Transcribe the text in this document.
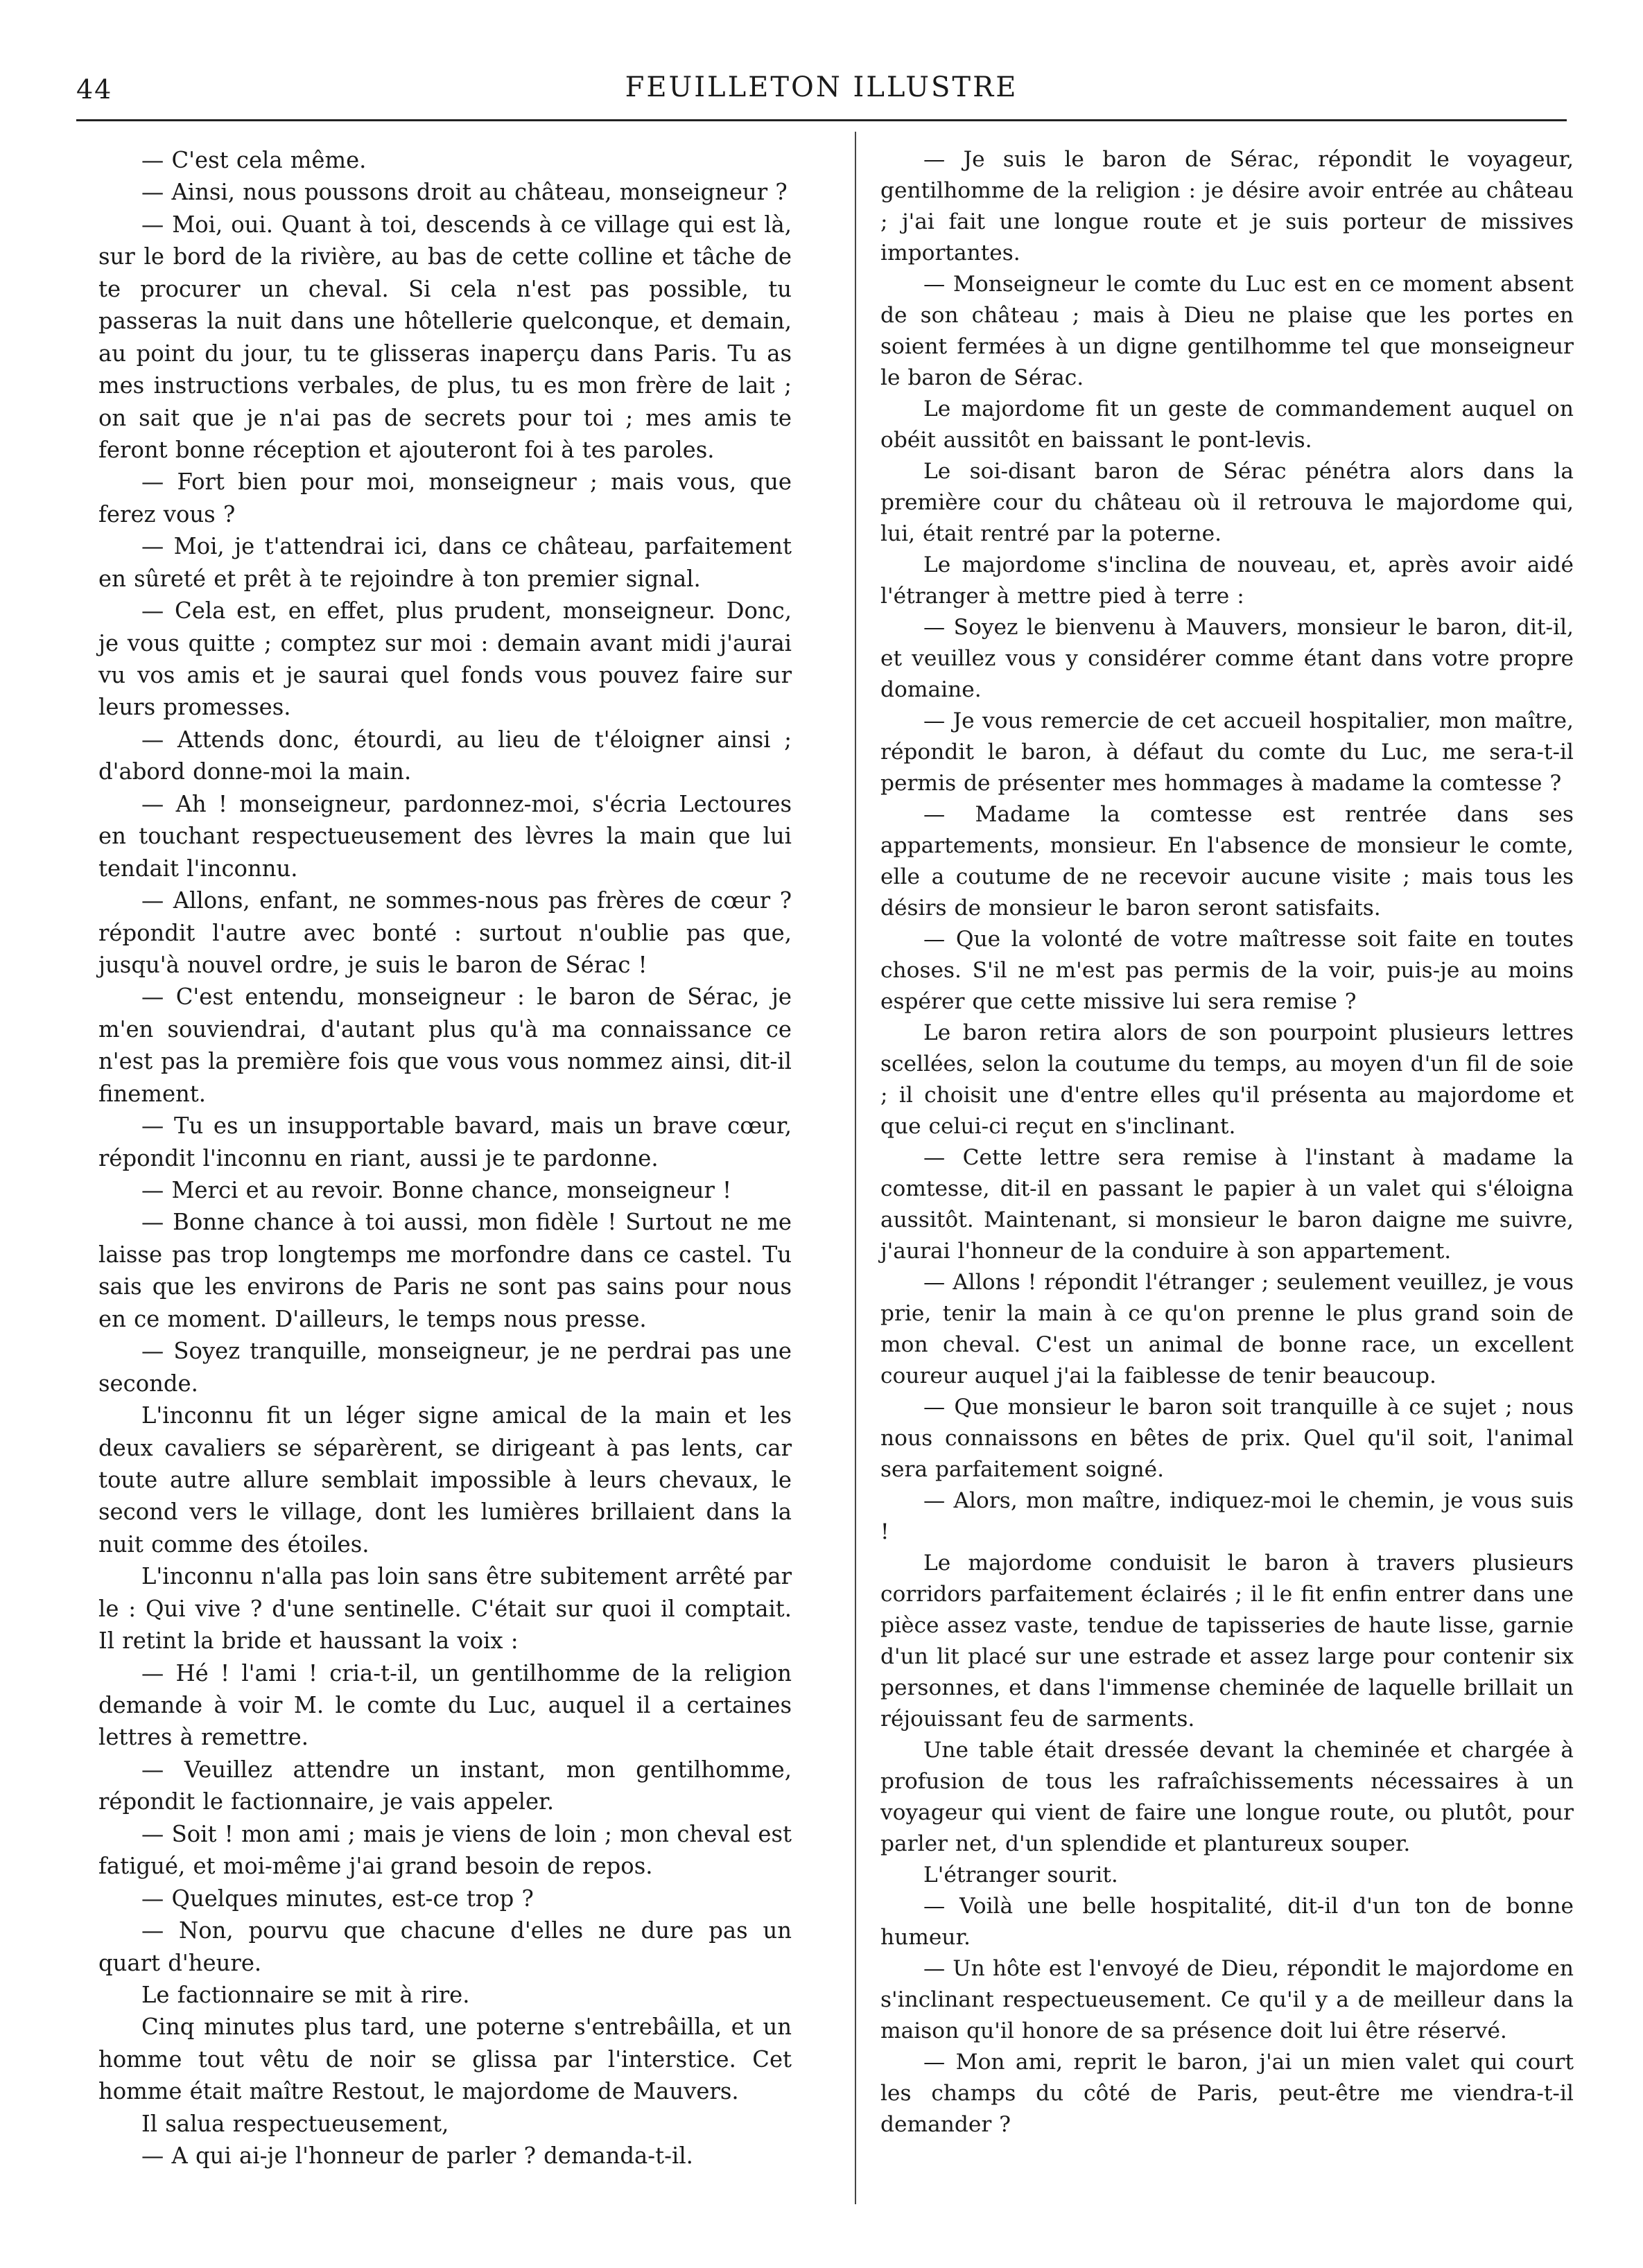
44	FEUILLETON ILLUSTRE

— C'est cela même.

— Ainsi, nous poussons droit au château, monseigneur ?

— Moi, oui. Quant à toi, descends à ce village qui est là, sur le bord de la rivière, au bas de cette colline et tâche de te procurer un cheval. Si cela n'est pas possible, tu passeras la nuit dans une hôtellerie quelconque, et demain, au point du jour, tu te glisseras inaperçu dans Paris. Tu as mes instructions verbales, de plus, tu es mon frère de lait ; on sait que je n'ai pas de secrets pour toi ; mes amis te feront bonne réception et ajouteront foi à tes paroles.

— Fort bien pour moi, monseigneur ; mais vous, que ferez vous ?

— Moi, je t'attendrai ici, dans ce château, parfaitement en sûreté et prêt à te rejoindre à ton premier signal.

— Cela est, en effet, plus prudent, monseigneur. Donc, je vous quitte ; comptez sur moi : demain avant midi j'aurai vu vos amis et je saurai quel fonds vous pouvez faire sur leurs promesses.

— Attends donc, étourdi, au lieu de t'éloigner ainsi ; d'abord donne-moi la main.

— Ah ! monseigneur, pardonnez-moi, s'écria Lectoures en touchant respectueusement des lèvres la main que lui tendait l'inconnu.

— Allons, enfant, ne sommes-nous pas frères de cœur ? répondit l'autre avec bonté : surtout n'oublie pas que, jusqu'à nouvel ordre, je suis le baron de Sérac !

— C'est entendu, monseigneur : le baron de Sérac, je m'en souviendrai, d'autant plus qu'à ma connaissance ce n'est pas la première fois que vous vous nommez ainsi, dit-il finement.

— Tu es un insupportable bavard, mais un brave cœur, répondit l'inconnu en riant, aussi je te pardonne.

— Merci et au revoir. Bonne chance, monseigneur !

— Bonne chance à toi aussi, mon fidèle ! Surtout ne me laisse pas trop longtemps me morfondre dans ce castel. Tu sais que les environs de Paris ne sont pas sains pour nous en ce moment. D'ailleurs, le temps nous presse.

— Soyez tranquille, monseigneur, je ne perdrai pas une seconde.

L'inconnu fit un léger signe amical de la main et les deux cavaliers se séparèrent, se dirigeant à pas lents, car toute autre allure semblait impossible à leurs chevaux, le second vers le village, dont les lumières brillaient dans la nuit comme des étoiles.

L'inconnu n'alla pas loin sans être subitement arrêté par le : Qui vive ? d'une sentinelle. C'était sur quoi il comptait. Il retint la bride et haussant la voix :

— Hé ! l'ami ! cria-t-il, un gentilhomme de la religion demande à voir M. le comte du Luc, auquel il a certaines lettres à remettre.

— Veuillez attendre un instant, mon gentilhomme, répondit le factionnaire, je vais appeler.

— Soit ! mon ami ; mais je viens de loin ; mon cheval est fatigué, et moi-même j'ai grand besoin de repos.

— Quelques minutes, est-ce trop ?

— Non, pourvu que chacune d'elles ne dure pas un quart d'heure.

Le factionnaire se mit à rire.

Cinq minutes plus tard, une poterne s'entrebâilla, et un homme tout vêtu de noir se glissa par l'interstice. Cet homme était maître Restout, le majordome de Mauvers.

Il salua respectueusement,

— A qui ai-je l'honneur de parler ? demanda-t-il.

— Je suis le baron de Sérac, répondit le voyageur, gentilhomme de la religion : je désire avoir entrée au château ; j'ai fait une longue route et je suis porteur de missives importantes.

— Monseigneur le comte du Luc est en ce moment absent de son château ; mais à Dieu ne plaise que les portes en soient fermées à un digne gentilhomme tel que monseigneur le baron de Sérac.

Le majordome fit un geste de commandement auquel on obéit aussitôt en baissant le pont-levis.

Le soi-disant baron de Sérac pénétra alors dans la première cour du château où il retrouva le majordome qui, lui, était rentré par la poterne.

Le majordome s'inclina de nouveau, et, après avoir aidé l'étranger à mettre pied à terre :

— Soyez le bienvenu à Mauvers, monsieur le baron, dit-il, et veuillez vous y considérer comme étant dans votre propre domaine.

— Je vous remercie de cet accueil hospitalier, mon maître, répondit le baron, à défaut du comte du Luc, me sera-t-il permis de présenter mes hommages à madame la comtesse ?

— Madame la comtesse est rentrée dans ses appartements, monsieur. En l'absence de monsieur le comte, elle a coutume de ne recevoir aucune visite ; mais tous les désirs de monsieur le baron seront satisfaits.

— Que la volonté de votre maîtresse soit faite en toutes choses. S'il ne m'est pas permis de la voir, puis-je au moins espérer que cette missive lui sera remise ?

Le baron retira alors de son pourpoint plusieurs lettres scellées, selon la coutume du temps, au moyen d'un fil de soie ; il choisit une d'entre elles qu'il présenta au majordome et que celui-ci reçut en s'inclinant.

— Cette lettre sera remise à l'instant à madame la comtesse, dit-il en passant le papier à un valet qui s'éloigna aussitôt. Maintenant, si monsieur le baron daigne me suivre, j'aurai l'honneur de la conduire à son appartement.

— Allons ! répondit l'étranger ; seulement veuillez, je vous prie, tenir la main à ce qu'on prenne le plus grand soin de mon cheval. C'est un animal de bonne race, un excellent coureur auquel j'ai la faiblesse de tenir beaucoup.

— Que monsieur le baron soit tranquille à ce sujet ; nous nous connaissons en bêtes de prix. Quel qu'il soit, l'animal sera parfaitement soigné.

— Alors, mon maître, indiquez-moi le chemin, je vous suis !

Le majordome conduisit le baron à travers plusieurs corridors parfaitement éclairés ; il le fit enfin entrer dans une pièce assez vaste, tendue de tapisseries de haute lisse, garnie d'un lit placé sur une estrade et assez large pour contenir six personnes, et dans l'immense cheminée de laquelle brillait un réjouissant feu de sarments.

Une table était dressée devant la cheminée et chargée à profusion de tous les rafraîchissements nécessaires à un voyageur qui vient de faire une longue route, ou plutôt, pour parler net, d'un splendide et plantureux souper.

L'étranger sourit.

— Voilà une belle hospitalité, dit-il d'un ton de bonne humeur.

— Un hôte est l'envoyé de Dieu, répondit le majordome en s'inclinant respectueusement. Ce qu'il y a de meilleur dans la maison qu'il honore de sa présence doit lui être réservé.

— Mon ami, reprit le baron, j'ai un mien valet qui court les champs du côté de Paris, peut-être me viendra-t-il demander ?
